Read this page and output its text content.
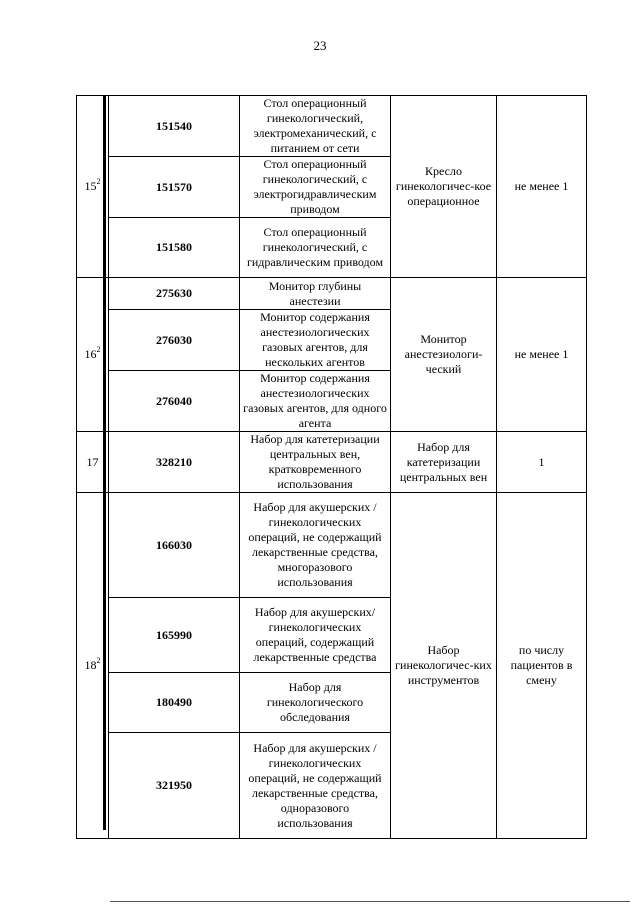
23
$15^2$	151540	Стол операционный гинекологический, электромеханический, с питанием от сети	Кресло гинекологичес-кое операционное	не менее 1
	151570	Стол операционный гинекологический, с электрогидравлическим приводом		
	151580	Стол операционный гинекологический, с гидравлическим приводом		
$16^2$	275630	Монитор глубины анестезии	Монитор анестезиологи-ческий	не менее 1
	276030	Монитор содержания анестезиологических газовых агентов, для нескольких агентов		
	276040	Монитор содержания анестезиологических газовых агентов, для одного агента		
17	328210	Набор для катетеризации центральных вен, кратковременного использования	Набор для катетеризации центральных вен	1
$18^2$	166030	Набор для акушерских /гинекологических операций, не содержащий лекарственные средства, многоразового использования	Набор гинекологичес-ких инструментов	по числу пациентов в смену
	165990	Набор для акушерских/гинекологических операций, содержащий лекарственные средства		
	180490	Набор для гинекологического обследования		
	321950	Набор для акушерских /гинекологических операций, не содержащий лекарственные средства, одноразового использования		
